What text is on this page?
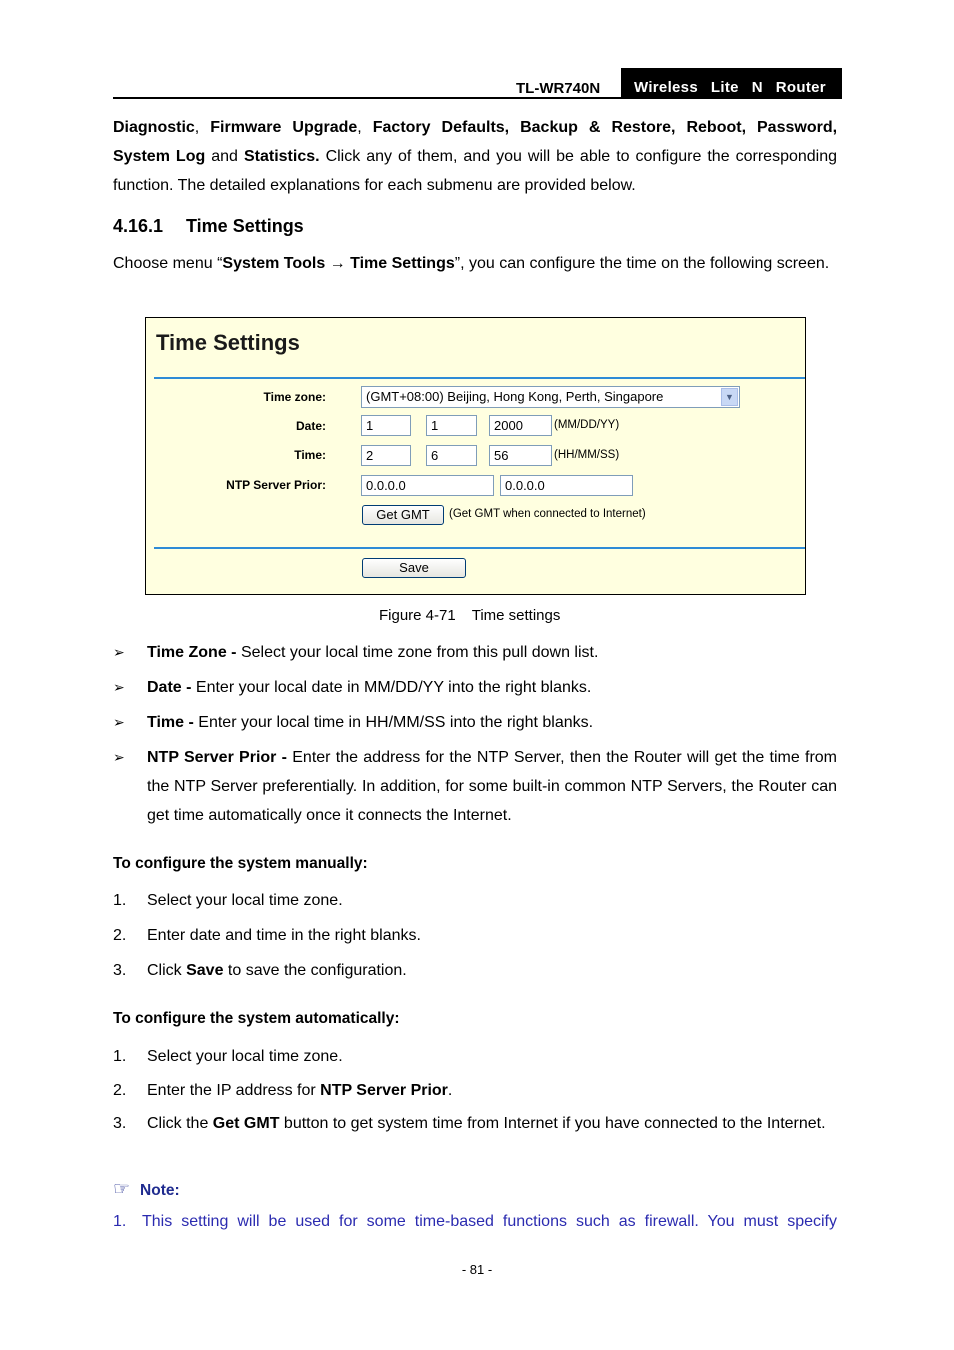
TL-WR740N	Wireless  Lite  N  Router
Diagnostic, Firmware Upgrade, Factory Defaults, Backup & Restore, Reboot, Password, System Log and Statistics. Click any of them, and you will be able to configure the corresponding function. The detailed explanations for each submenu are provided below.
4.16.1 Time Settings
Choose menu “System Tools → Time Settings”, you can configure the time on the following screen.
Time Settings
Time zone:	(GMT+08:00) Beijing, Hong Kong, Perth, Singapore	▼
Date:	1	1	2000	(MM/DD/YY)
Time:	2	6	56	(HH/MM/SS)
NTP Server Prior:	0.0.0.0	0.0.0.0
Get GMT	(Get GMT when connected to Internet)
Save
Figure 4-71 Time settings
➢ Time Zone - Select your local time zone from this pull down list.
➢ Date - Enter your local date in MM/DD/YY into the right blanks.
➢ Time - Enter your local time in HH/MM/SS into the right blanks.
➢ NTP Server Prior - Enter the address for the NTP Server, then the Router will get the time from the NTP Server preferentially. In addition, for some built-in common NTP Servers, the Router can get time automatically once it connects the Internet.
To configure the system manually:
1. Select your local time zone.
2. Enter date and time in the right blanks.
3. Click Save to save the configuration.
To configure the system automatically:
1. Select your local time zone.
2. Enter the IP address for NTP Server Prior.
3. Click the Get GMT button to get system time from Internet if you have connected to the Internet.
☞ Note:
1. This setting will be used for some time-based functions such as firewall. You must specify
- 81 -
